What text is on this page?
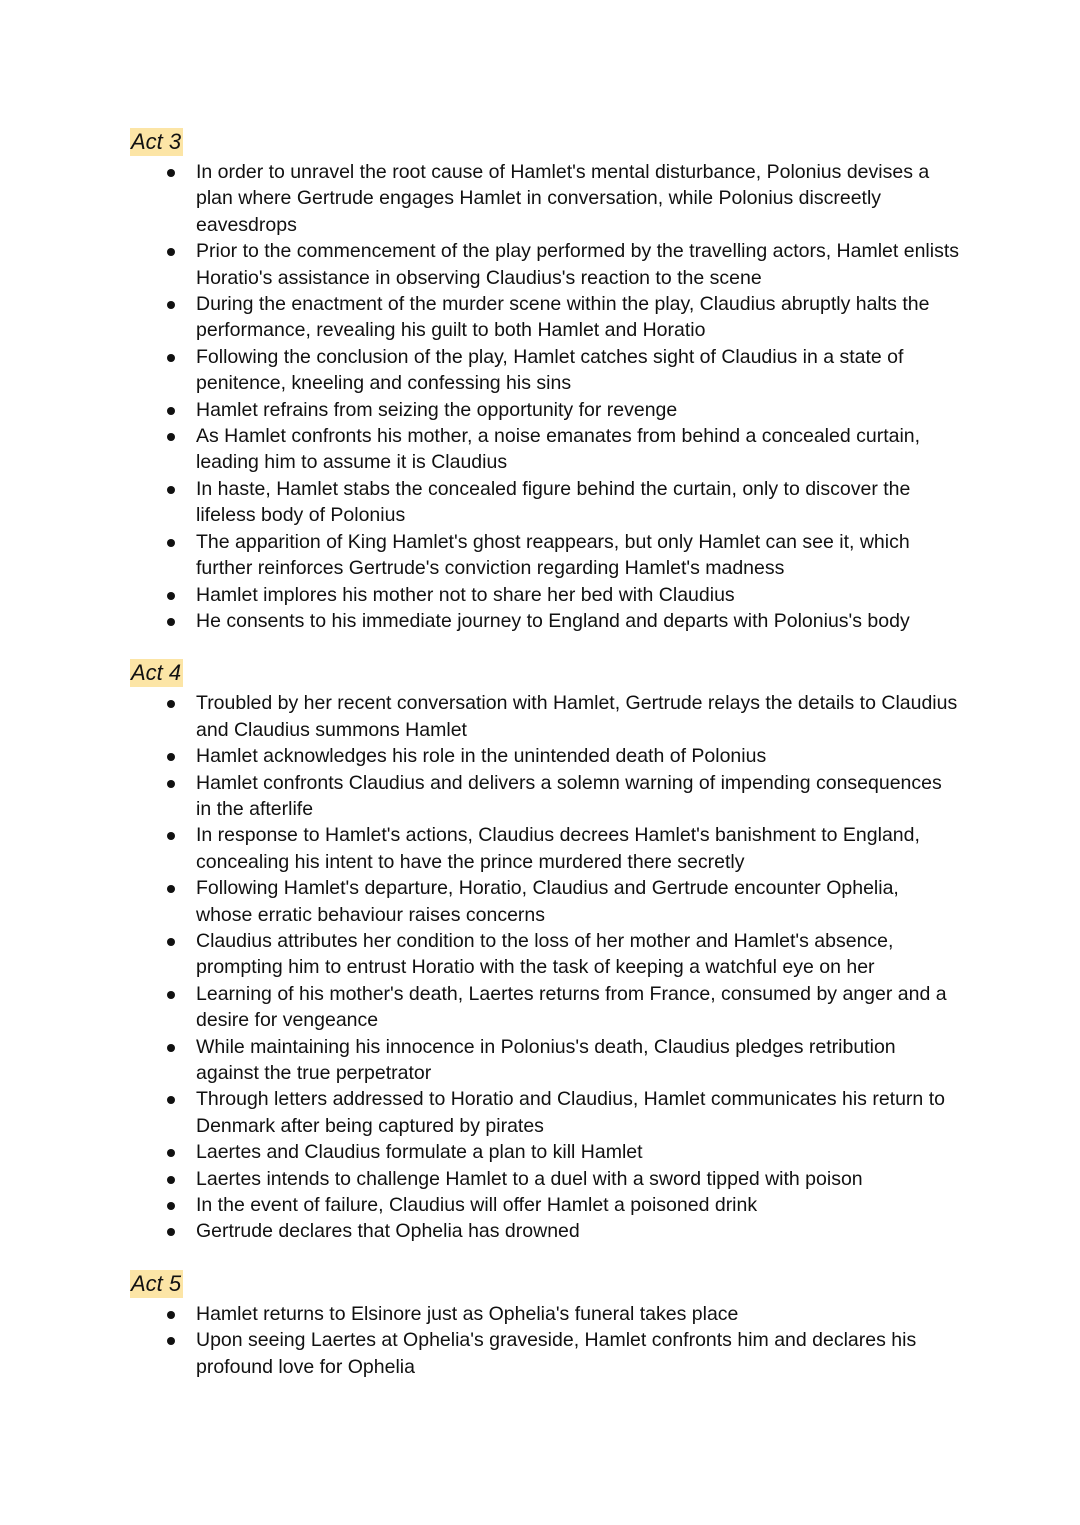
Act 3
In order to unravel the root cause of Hamlet's mental disturbance, Polonius devises a plan where Gertrude engages Hamlet in conversation, while Polonius discreetly eavesdrops
Prior to the commencement of the play performed by the travelling actors, Hamlet enlists Horatio's assistance in observing Claudius's reaction to the scene
During the enactment of the murder scene within the play, Claudius abruptly halts the performance, revealing his guilt to both Hamlet and Horatio
Following the conclusion of the play, Hamlet catches sight of Claudius in a state of penitence, kneeling and confessing his sins
Hamlet refrains from seizing the opportunity for revenge
As Hamlet confronts his mother, a noise emanates from behind a concealed curtain, leading him to assume it is Claudius
In haste, Hamlet stabs the concealed figure behind the curtain, only to discover the lifeless body of Polonius
The apparition of King Hamlet's ghost reappears, but only Hamlet can see it, which further reinforces Gertrude's conviction regarding Hamlet's madness
Hamlet implores his mother not to share her bed with Claudius
He consents to his immediate journey to England and departs with Polonius's body
Act 4
Troubled by her recent conversation with Hamlet, Gertrude relays the details to Claudius and Claudius summons Hamlet
Hamlet acknowledges his role in the unintended death of Polonius
Hamlet confronts Claudius and delivers a solemn warning of impending consequences in the afterlife
In response to Hamlet's actions, Claudius decrees Hamlet's banishment to England, concealing his intent to have the prince murdered there secretly
Following Hamlet's departure, Horatio, Claudius and Gertrude encounter Ophelia, whose erratic behaviour raises concerns
Claudius attributes her condition to the loss of her mother and Hamlet's absence, prompting him to entrust Horatio with the task of keeping a watchful eye on her
Learning of his mother's death, Laertes returns from France, consumed by anger and a desire for vengeance
While maintaining his innocence in Polonius's death, Claudius pledges retribution against the true perpetrator
Through letters addressed to Horatio and Claudius, Hamlet communicates his return to Denmark after being captured by pirates
Laertes and Claudius formulate a plan to kill Hamlet
Laertes intends to challenge Hamlet to a duel with a sword tipped with poison
In the event of failure, Claudius will offer Hamlet a poisoned drink
Gertrude declares that Ophelia has drowned
Act 5
Hamlet returns to Elsinore just as Ophelia's funeral takes place
Upon seeing Laertes at Ophelia's graveside, Hamlet confronts him and declares his profound love for Ophelia
